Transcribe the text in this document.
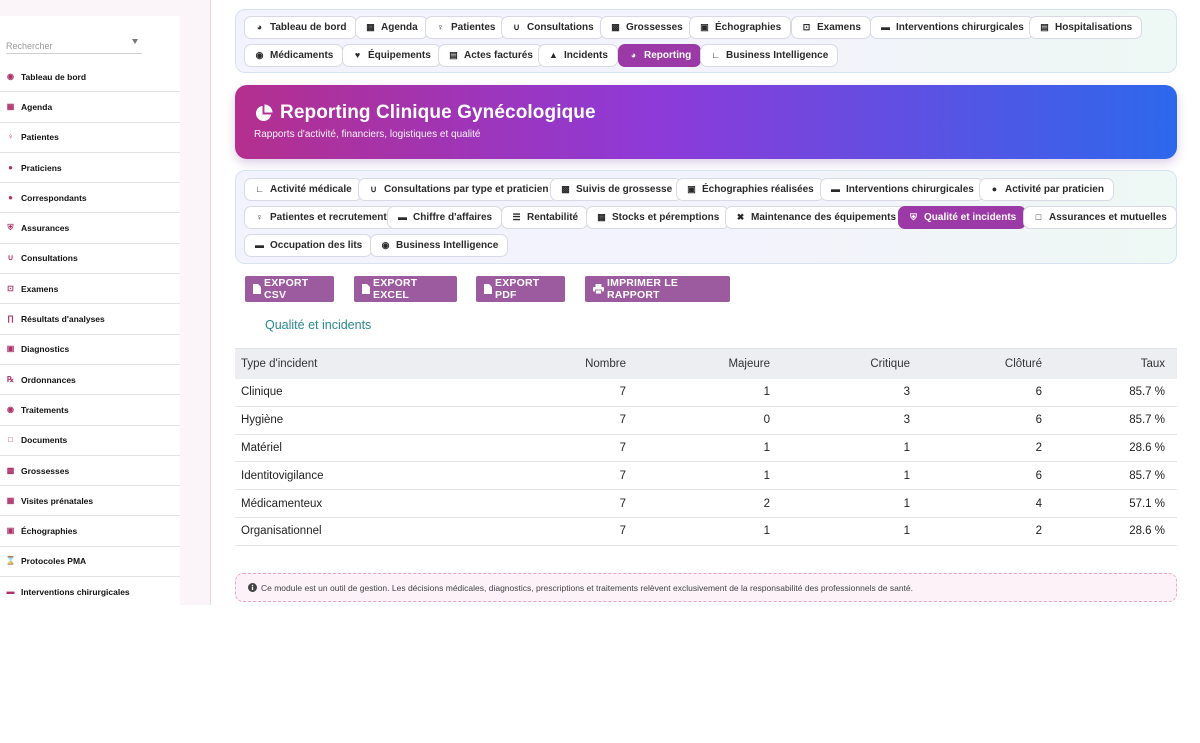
Rechercher
◉ Tableau de bord
▦ Agenda
♀ Patientes
● Praticiens
● Correspondants
⛨ Assurances
∪ Consultations
⊡ Examens
∏ Résultats d'analyses
▣ Diagnostics
℞ Ordonnances
◉ Traitements
□ Documents
▩ Grossesses
▦ Visites prénatales
▣ Échographies
⌛ Protocoles PMA
▬ Interventions chirurgicales
◕ Tableau de bord ▦ Agenda ♀ Patientes ∪ Consultations ▩ Grossesses ▣ Échographies ⊡ Examens ▬ Interventions chirurgicales ▤ Hospitalisations
◉ Médicaments	♥ Équipements ▤ Actes facturés ▲ Incidents	◕ Reporting ∟ Business Intelligence
Reporting Clinique Gynécologique
Rapports d'activité, financiers, logistiques et qualité
∟ Activité médicale ∪ Consultations par type et praticien ▩ Suivis de grossesse ▣ Échographies réalisées ▬ Interventions chirurgicales	● Activité par praticien
♀ Patientes et recrutement ▬ Chiffre d'affaires ☰ Rentabilité ▦ Stocks et péremptions ✖ Maintenance des équipements ⛨ Qualité et incidents	□ Assurances et mutuelles
▬ Occupation des lits ◉ Business Intelligence
EXPORT CSV
EXPORT EXCEL
EXPORT PDF
IMPRIMER LE RAPPORT
Qualité et incidents
Type d'incident	Nombre	Majeure	Critique	Clôturé	Taux
Clinique	7	1	3	6	85.7 %
Hygiène	7	0	3	6	85.7 %
Matériel	7	1	1	2	28.6 %
Identitovigilance	7	1	1	6	85.7 %
Médicamenteux	7	2	1	4	57.1 %
Organisationnel	7	1	1	2	28.6 %
Ce module est un outil de gestion. Les décisions médicales, diagnostics, prescriptions et traitements relèvent exclusivement de la responsabilité des professionnels de santé.
